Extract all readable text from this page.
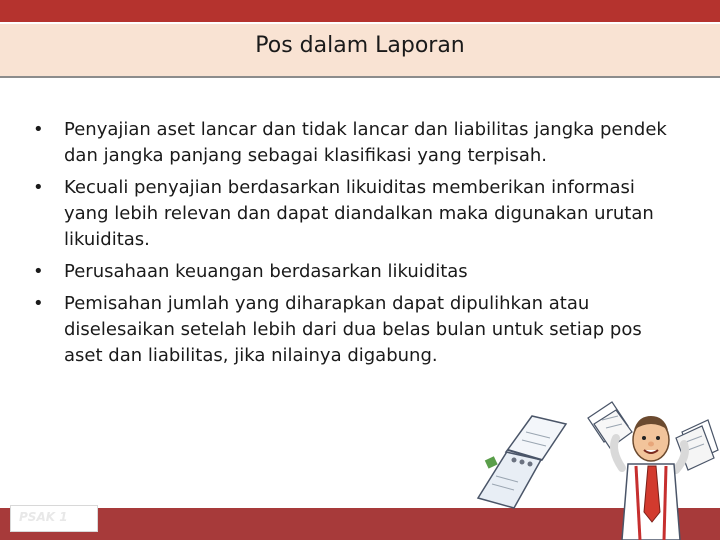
Pos dalam Laporan
• Penyajian aset lancar dan tidak lancar dan liabilitas jangka pendek dan jangka panjang sebagai klasifikasi yang terpisah.
• Kecuali penyajian berdasarkan likuiditas memberikan informasi yang lebih relevan dan dapat diandalkan maka digunakan urutan likuiditas.
• Perusahaan keuangan berdasarkan likuiditas
• Pemisahan jumlah yang diharapkan dapat dipulihkan atau diselesaikan setelah lebih dari dua belas bulan untuk setiap pos aset dan liabilitas, jika nilainya digabung.
PSAK 1
